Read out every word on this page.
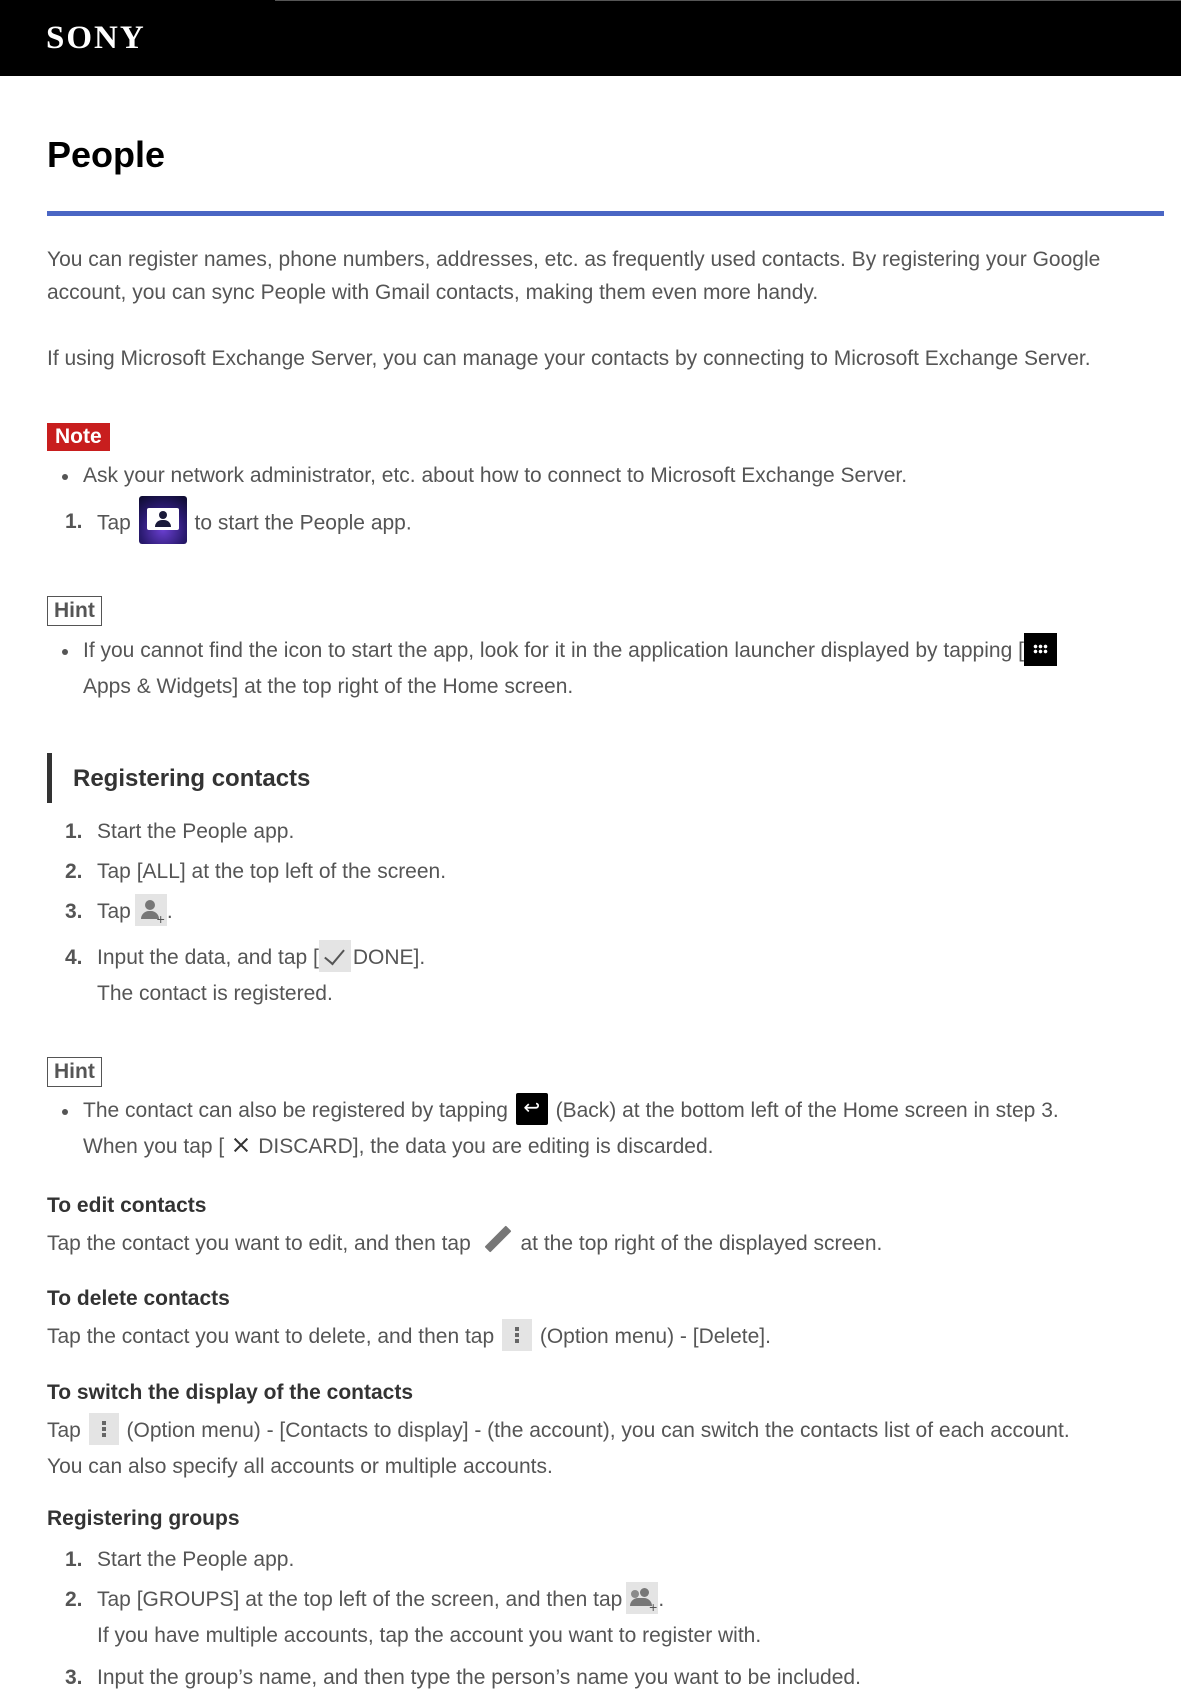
SONY
People
You can register names, phone numbers, addresses, etc. as frequently used contacts. By registering your Google
account, you can sync People with Gmail contacts, making them even more handy.
If using Microsoft Exchange Server, you can manage your contacts by connecting to Microsoft Exchange Server.
Note
Ask your network administrator, etc. about how to connect to Microsoft Exchange Server.
1. Tap	to start the People app.
Hint
If you cannot find the icon to start the app, look for it in the application launcher displayed by tapping [
Apps & Widgets] at the top right of the Home screen.
Registering contacts
1. Start the People app.
2. Tap [ALL] at the top left of the screen.
3. Tap + .
4. Input the data, and tap [ DONE].
The contact is registered.
Hint
The contact can also be registered by tapping ↩ (Back) at the bottom left of the Home screen in step 3.
When you tap [ DISCARD], the data you are editing is discarded.
To edit contacts
Tap the contact you want to edit, and then tap at the top right of the displayed screen.
To delete contacts
Tap the contact you want to delete, and then tap (Option menu) - [Delete].
To switch the display of the contacts
Tap (Option menu) - [Contacts to display] - (the account), you can switch the contacts list of each account.
You can also specify all accounts or multiple accounts.
Registering groups
1. Start the People app.
2. Tap [GROUPS] at the top left of the screen, and then tap + .
If you have multiple accounts, tap the account you want to register with.
3. Input the group’s name, and then type the person’s name you want to be included.
